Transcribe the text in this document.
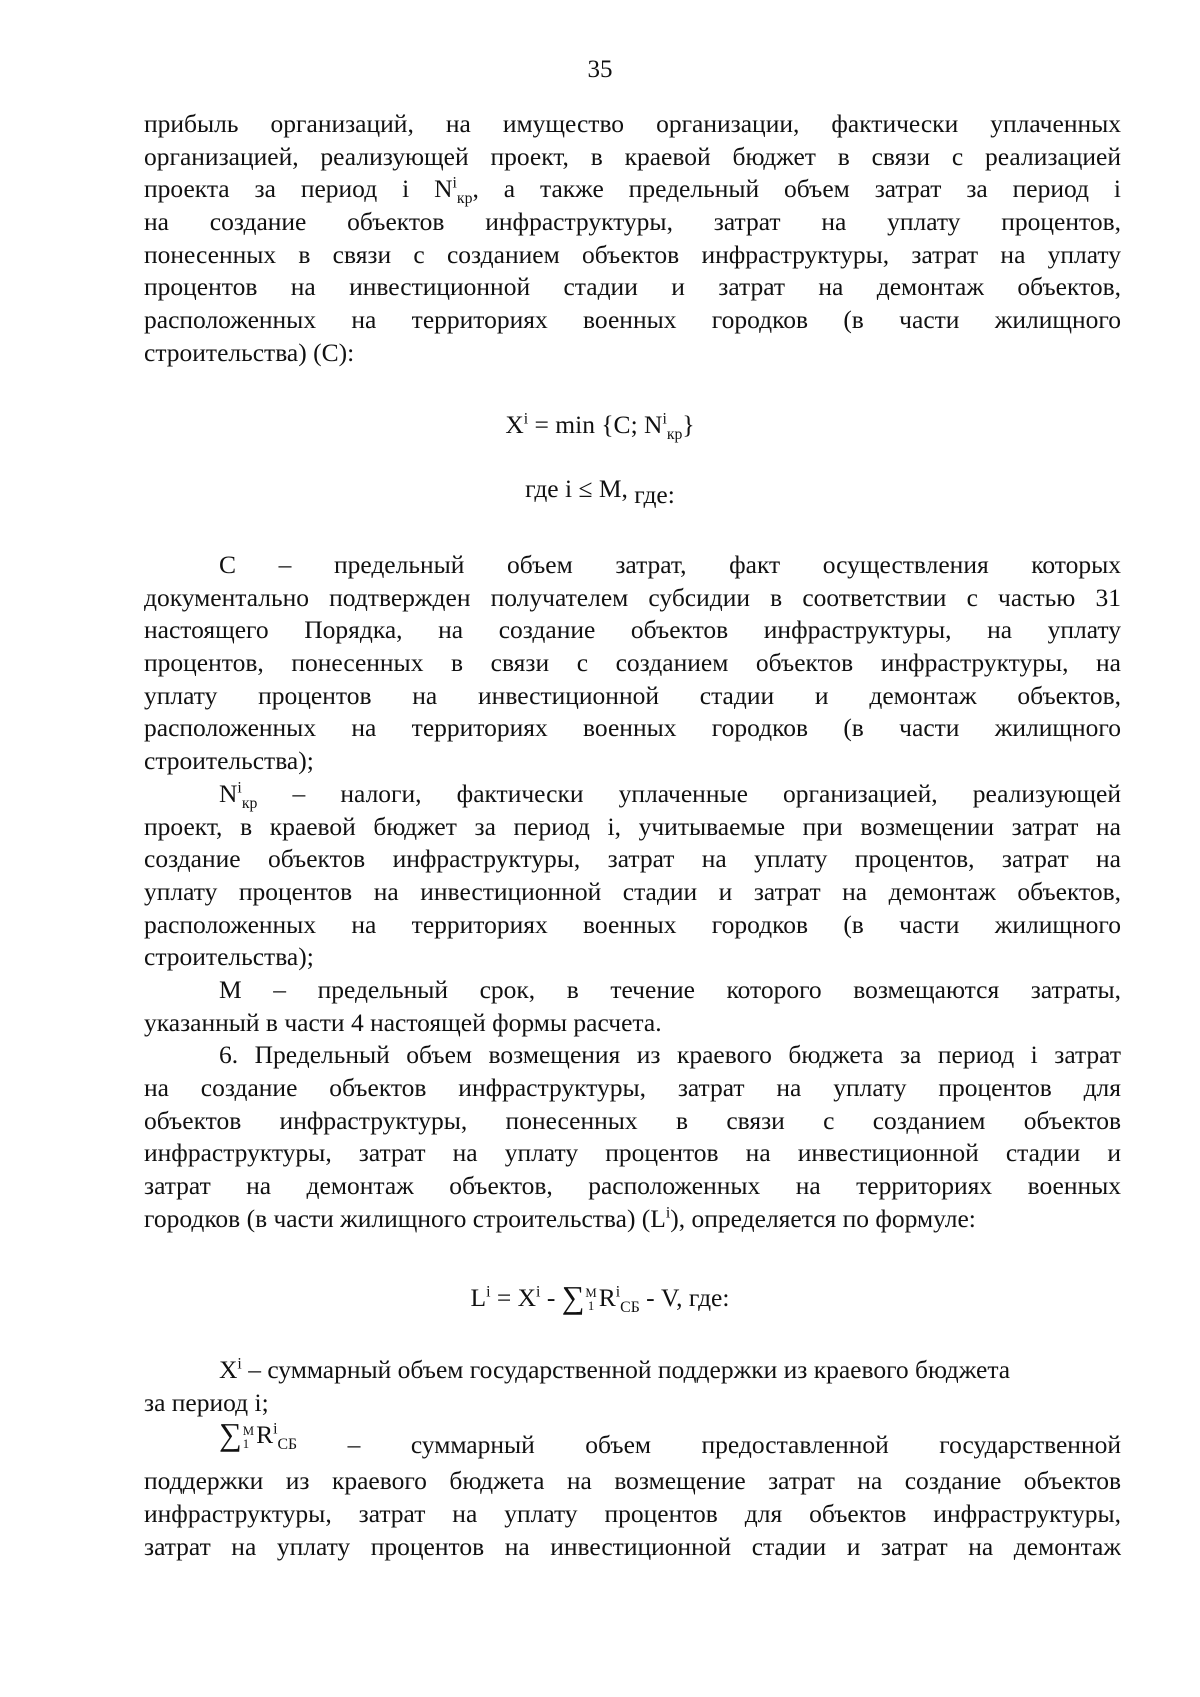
35
прибыль организаций, на имущество организации, фактически уплаченных
организацией, реализующей проект, в краевой бюджет в связи с реализацией
проекта за период i $N^i_{кр}$, а также предельный объем затрат за период i
на создание объектов инфраструктуры, затрат на уплату процентов,
понесенных в связи с созданием объектов инфраструктуры, затрат на уплату
процентов на инвестиционной стадии и затрат на демонтаж объектов,
расположенных на территориях военных городков (в части жилищного
строительства) (C):
$X^i = \min \{C$; $N^i_{кр}$}
где i ≤ M, где:
C – предельный объем затрат, факт осуществления которых
документально подтвержден получателем субсидии в соответствии с частью 31
настоящего Порядка, на создание объектов инфраструктуры, на уплату
процентов, понесенных в связи с созданием объектов инфраструктуры, на
уплату процентов на инвестиционной стадии и демонтаж объектов,
расположенных на территориях военных городков (в части жилищного
строительства);
$N^i_{кр}$ – налоги, фактически уплаченные организацией, реализующей
проект, в краевой бюджет за период i, учитываемые при возмещении затрат на
создание объектов инфраструктуры, затрат на уплату процентов, затрат на
уплату процентов на инвестиционной стадии и затрат на демонтаж объектов,
расположенных на территориях военных городков (в части жилищного
строительства);
M – предельный срок, в течение которого возмещаются затраты,
указанный в части 4 настоящей формы расчета.
6. Предельный объем возмещения из краевого бюджета за период i затрат
на создание объектов инфраструктуры, затрат на уплату процентов для
объектов инфраструктуры, понесенных в связи с созданием объектов
инфраструктуры, затрат на уплату процентов на инвестиционной стадии и
затрат на демонтаж объектов, расположенных на территориях военных
городков (в части жилищного строительства) $(L^i)$, определяется по формуле:
$L^i = X^i$ - ∑ M
1 $R^i_{СБ}$ - V, где:
$X^i$ – суммарный объем государственной поддержки из краевого бюджета
за период i;
∑ M
1 $R^i_{СБ}$ – суммарный объем предоставленной государственной
поддержки из краевого бюджета на возмещение затрат на создание объектов
инфраструктуры, затрат на уплату процентов для объектов инфраструктуры,
затрат на уплату процентов на инвестиционной стадии и затрат на демонтаж
